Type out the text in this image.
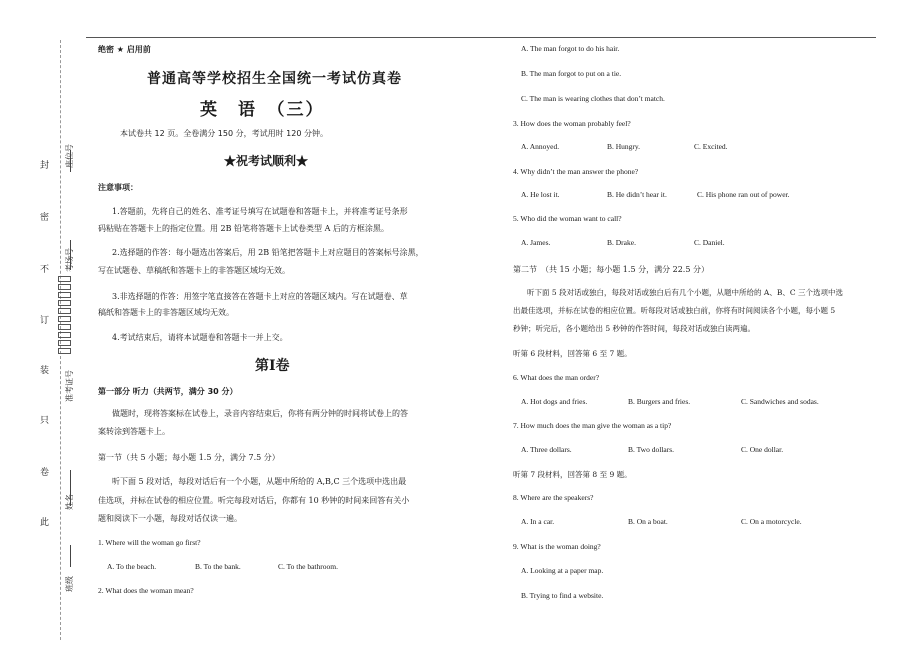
封
密
不
订
装
只
卷
此
座位号
考场号
准考证号
姓名
班级
绝密 ★ 启用前
普通高等学校招生全国统一考试仿真卷
英　语　（三）
本试卷共 12 页。全卷满分 150 分，考试用时 120 分钟。
★祝考试顺利★
注意事项：
1.答题前，先将自己的姓名、准考证号填写在试题卷和答题卡上，并将准考证号条形
码粘贴在答题卡上的指定位置。用 2B 铅笔将答题卡上试卷类型 A 后的方框涂黑。
2.选择题的作答：每小题选出答案后，用 2B 铅笔把答题卡上对应题目的答案标号涂黑，
写在试题卷、草稿纸和答题卡上的非答题区域均无效。
3.非选择题的作答：用签字笔直接答在答题卡上对应的答题区域内。写在试题卷、草
稿纸和答题卡上的非答题区域均无效。
4.考试结束后，请将本试题卷和答题卡一并上交。
第Ⅰ卷
第一部分 听力（共两节，满分 30 分）
做题时，现将答案标在试卷上，录音内容结束后，你将有两分钟的时间将试卷上的答
案转涂到答题卡上。
第一节（共 5 小题；每小题 1.5 分，满分 7.5 分）
听下面 5 段对话，每段对话后有一个小题，从题中所给的 A,B,C 三个选项中选出最
佳选项，并标在试卷的相应位置。听完每段对话后，你都有 10 秒钟的时间来回答有关小
题和阅读下一小题，每段对话仅读一遍。
1. Where will the woman go first?
A. To the beach.	B. To the bank.	C. To the bathroom.
2. What does the woman mean?
A. The man forgot to do his hair.
B. The man forgot to put on a tie.
C. The man is wearing clothes that don’t match.
3. How does the woman probably feel?
A. Annoyed.	B. Hungry.	C. Excited.
4. Why didn’t the man answer the phone?
A. He lost it.	B. He didn’t hear it.	C. His phone ran out of power.
5. Who did the woman want to call?
A. James.	B. Drake.	C. Daniel.
第二节　（共 15 小题；每小题 1.5 分，满分 22.5 分）
听下面 5 段对话或独白，每段对话或独白后有几个小题，从题中所给的 A、B、C 三个选项中选
出最佳选项，并标在试卷的相应位置。听每段对话或独白前，你将有时间阅读各个小题，每小题 5
秒钟；听完后，各小题给出 5 秒钟的作答时间，每段对话或独白读两遍。
听第 6 段材料，回答第 6 至 7 题。
6. What does the man order?
A. Hot dogs and fries.	B. Burgers and fries.	C. Sandwiches and sodas.
7. How much does the man give the woman as a tip?
A. Three dollars.	B. Two dollars.	C. One dollar.
听第 7 段材料，回答第 8 至 9 题。
8. Where are the speakers?
A. In a car.	B. On a boat.	C. On a motorcycle.
9. What is the woman doing?
A. Looking at a paper map.
B. Trying to find a website.
